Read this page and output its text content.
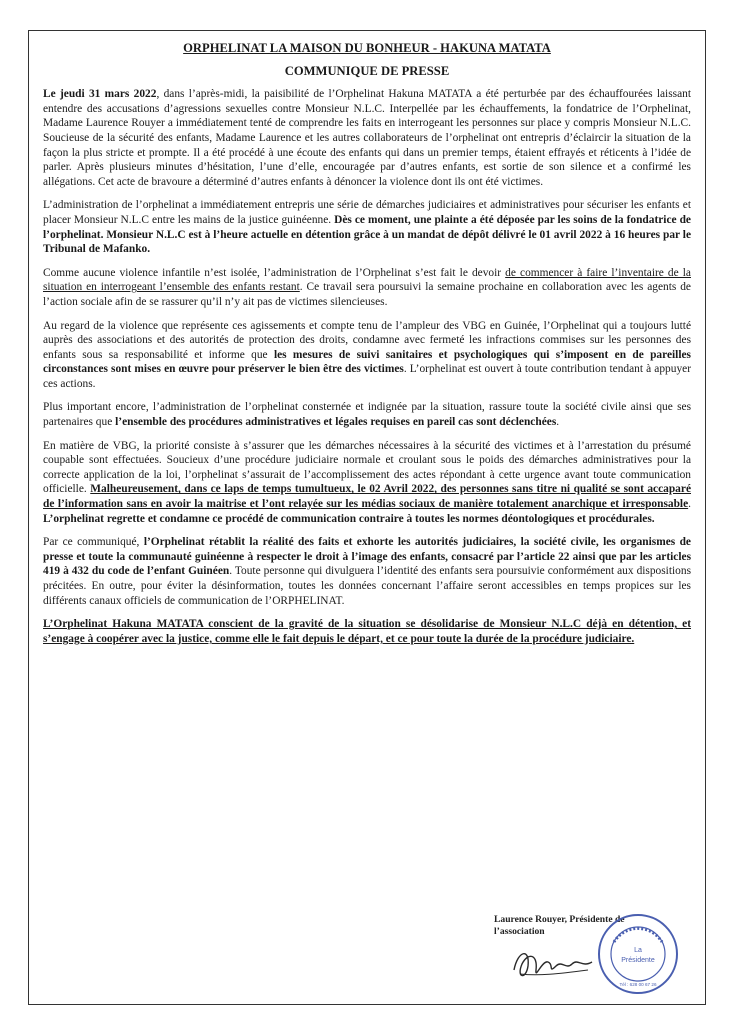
ORPHELINAT LA MAISON DU BONHEUR - HAKUNA MATATA
COMMUNIQUE DE PRESSE

Le jeudi 31 mars 2022, dans l’après-midi, la paisibilité de l’Orphelinat Hakuna MATATA a été perturbée par des échauffourées laissant entendre des accusations d’agressions sexuelles contre Monsieur N.L.C. Interpellée par les échauffements, la fondatrice de l’Orphelinat, Madame Laurence Rouyer a immédiatement tenté de comprendre les faits en interrogeant les personnes sur place y compris Monsieur N.L.C. Soucieuse de la sécurité des enfants, Madame Laurence et les autres collaborateurs de l’orphelinat ont entrepris d’éclaircir la situation de la façon la plus stricte et prompte. Il a été procédé à une écoute des enfants qui dans un premier temps, étaient effrayés et réticents à l’idée de parler. Après plusieurs minutes d’hésitation, l’une d’elle, encouragée par d’autres enfants, est sortie de son silence et a confirmé les allégations. Cet acte de bravoure a déterminé d’autres enfants à dénoncer la violence dont ils ont été victimes.

L’administration de l’orphelinat a immédiatement entrepris une série de démarches judiciaires et administratives pour sécuriser les enfants et placer Monsieur N.L.C entre les mains de la justice guinéenne. Dès ce moment, une plainte a été déposée par les soins de la fondatrice de l’orphelinat. Monsieur N.L.C est à l’heure actuelle en détention grâce à un mandat de dépôt délivré le 01 avril 2022 à 16 heures par le Tribunal de Mafanko.

Comme aucune violence infantile n’est isolée, l’administration de l’Orphelinat s’est fait le devoir de commencer à faire l’inventaire de la situation en interrogeant l’ensemble des enfants restant. Ce travail sera poursuivi la semaine prochaine en collaboration avec les agents de l’action sociale afin de se rassurer qu’il n’y ait pas de victimes silencieuses.

Au regard de la violence que représente ces agissements et compte tenu de l’ampleur des VBG en Guinée, l’Orphelinat qui a toujours lutté auprès des associations et des autorités de protection des droits, condamne avec fermeté les infractions commises sur les personnes des enfants sous sa responsabilité et informe que les mesures de suivi sanitaires et psychologiques qui s’imposent en de pareilles circonstances sont mises en œuvre pour préserver le bien être des victimes. L’orphelinat est ouvert à toute contribution tendant à appuyer ces actions.

Plus important encore, l’administration de l’orphelinat consternée et indignée par la situation, rassure toute la société civile ainsi que ses partenaires que l’ensemble des procédures administratives et légales requises en pareil cas sont déclenchées.

En matière de VBG, la priorité consiste à s’assurer que les démarches nécessaires à la sécurité des victimes et à l’arrestation du présumé coupable sont effectuées. Soucieux d’une procédure judiciaire normale et croulant sous le poids des démarches administratives pour la correcte application de la loi, l’orphelinat s’assurait de l’accomplissement des actes répondant à cette urgence avant toute communication officielle. Malheureusement, dans ce laps de temps tumultueux, le 02 Avril 2022, des personnes sans titre ni qualité se sont accaparé de l’information sans en avoir la maitrise et l’ont relayée sur les médias sociaux de manière totalement anarchique et irresponsable. L’orphelinat regrette et condamne ce procédé de communication contraire à toutes les normes déontologiques et procédurales.

Par ce communiqué, l’Orphelinat rétablit la réalité des faits et exhorte les autorités judiciaires, la société civile, les organismes de presse et toute la communauté guinéenne à respecter le droit à l’image des enfants, consacré par l’article 22 ainsi que par les articles 419 à 432 du code de l’enfant Guinéen. Toute personne qui divulguera l’identité des enfants sera poursuivie conformément aux dispositions précitées. En outre, pour éviter la désinformation, toutes les données concernant l’affaire seront accessibles en temps propices sur les différents canaux officiels de communication de l’ORPHELINAT.

L’Orphelinat Hakuna MATATA conscient de la gravité de la situation se désolidarise de Monsieur N.L.C déjà en détention, et s’engage à coopérer avec la justice, comme elle le fait depuis le départ, et ce pour toute la durée de la procédure judiciaire.

Laurence Rouyer, Présidente de
l’association
La
Présidente
Tél : 628 00 67 26
